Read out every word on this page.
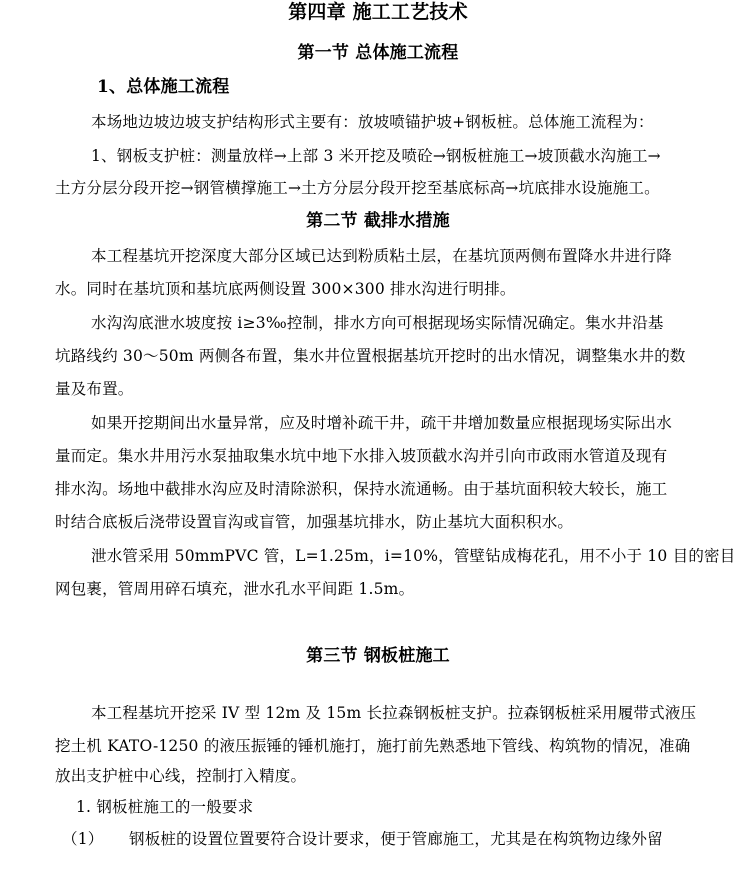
第四章 施工工艺技术
第一节 总体施工流程
1、总体施工流程
本场地边坡边坡支护结构形式主要有：放坡喷锚护坡+钢板桩。总体施工流程为：
1、钢板支护桩：测量放样→上部 3 米开挖及喷砼→钢板桩施工→坡顶截水沟施工→
土方分层分段开挖→钢管横撑施工→土方分层分段开挖至基底标高→坑底排水设施施工。
第二节 截排水措施
本工程基坑开挖深度大部分区域已达到粉质粘土层，在基坑顶两侧布置降水井进行降
水。同时在基坑顶和基坑底两侧设置 300×300 排水沟进行明排。
水沟沟底泄水坡度按 i≥3‰控制，排水方向可根据现场实际情况确定。集水井沿基
坑路线约 30～50m 两侧各布置，集水井位置根据基坑开挖时的出水情况，调整集水井的数
量及布置。
如果开挖期间出水量异常，应及时增补疏干井，疏干井增加数量应根据现场实际出水
量而定。集水井用污水泵抽取集水坑中地下水排入坡顶截水沟并引向市政雨水管道及现有
排水沟。场地中截排水沟应及时清除淤积，保持水流通畅。由于基坑面积较大较长，施工
时结合底板后浇带设置盲沟或盲管，加强基坑排水，防止基坑大面积积水。
泄水管采用 50mmPVC 管，L=1.25m，i=10%，管壁钻成梅花孔，用不小于 10 目的密目
网包裹，管周用碎石填充，泄水孔水平间距 1.5m。
第三节 钢板桩施工
本工程基坑开挖采 IV 型 12m 及 15m 长拉森钢板桩支护。拉森钢板桩采用履带式液压
挖土机 KATO-1250 的液压振锤的锤机施打，施打前先熟悉地下管线、构筑物的情况，准确
放出支护桩中心线，控制打入精度。
1. 钢板桩施工的一般要求
（1） 钢板桩的设置位置要符合设计要求，便于管廊施工，尤其是在构筑物边缘外留
